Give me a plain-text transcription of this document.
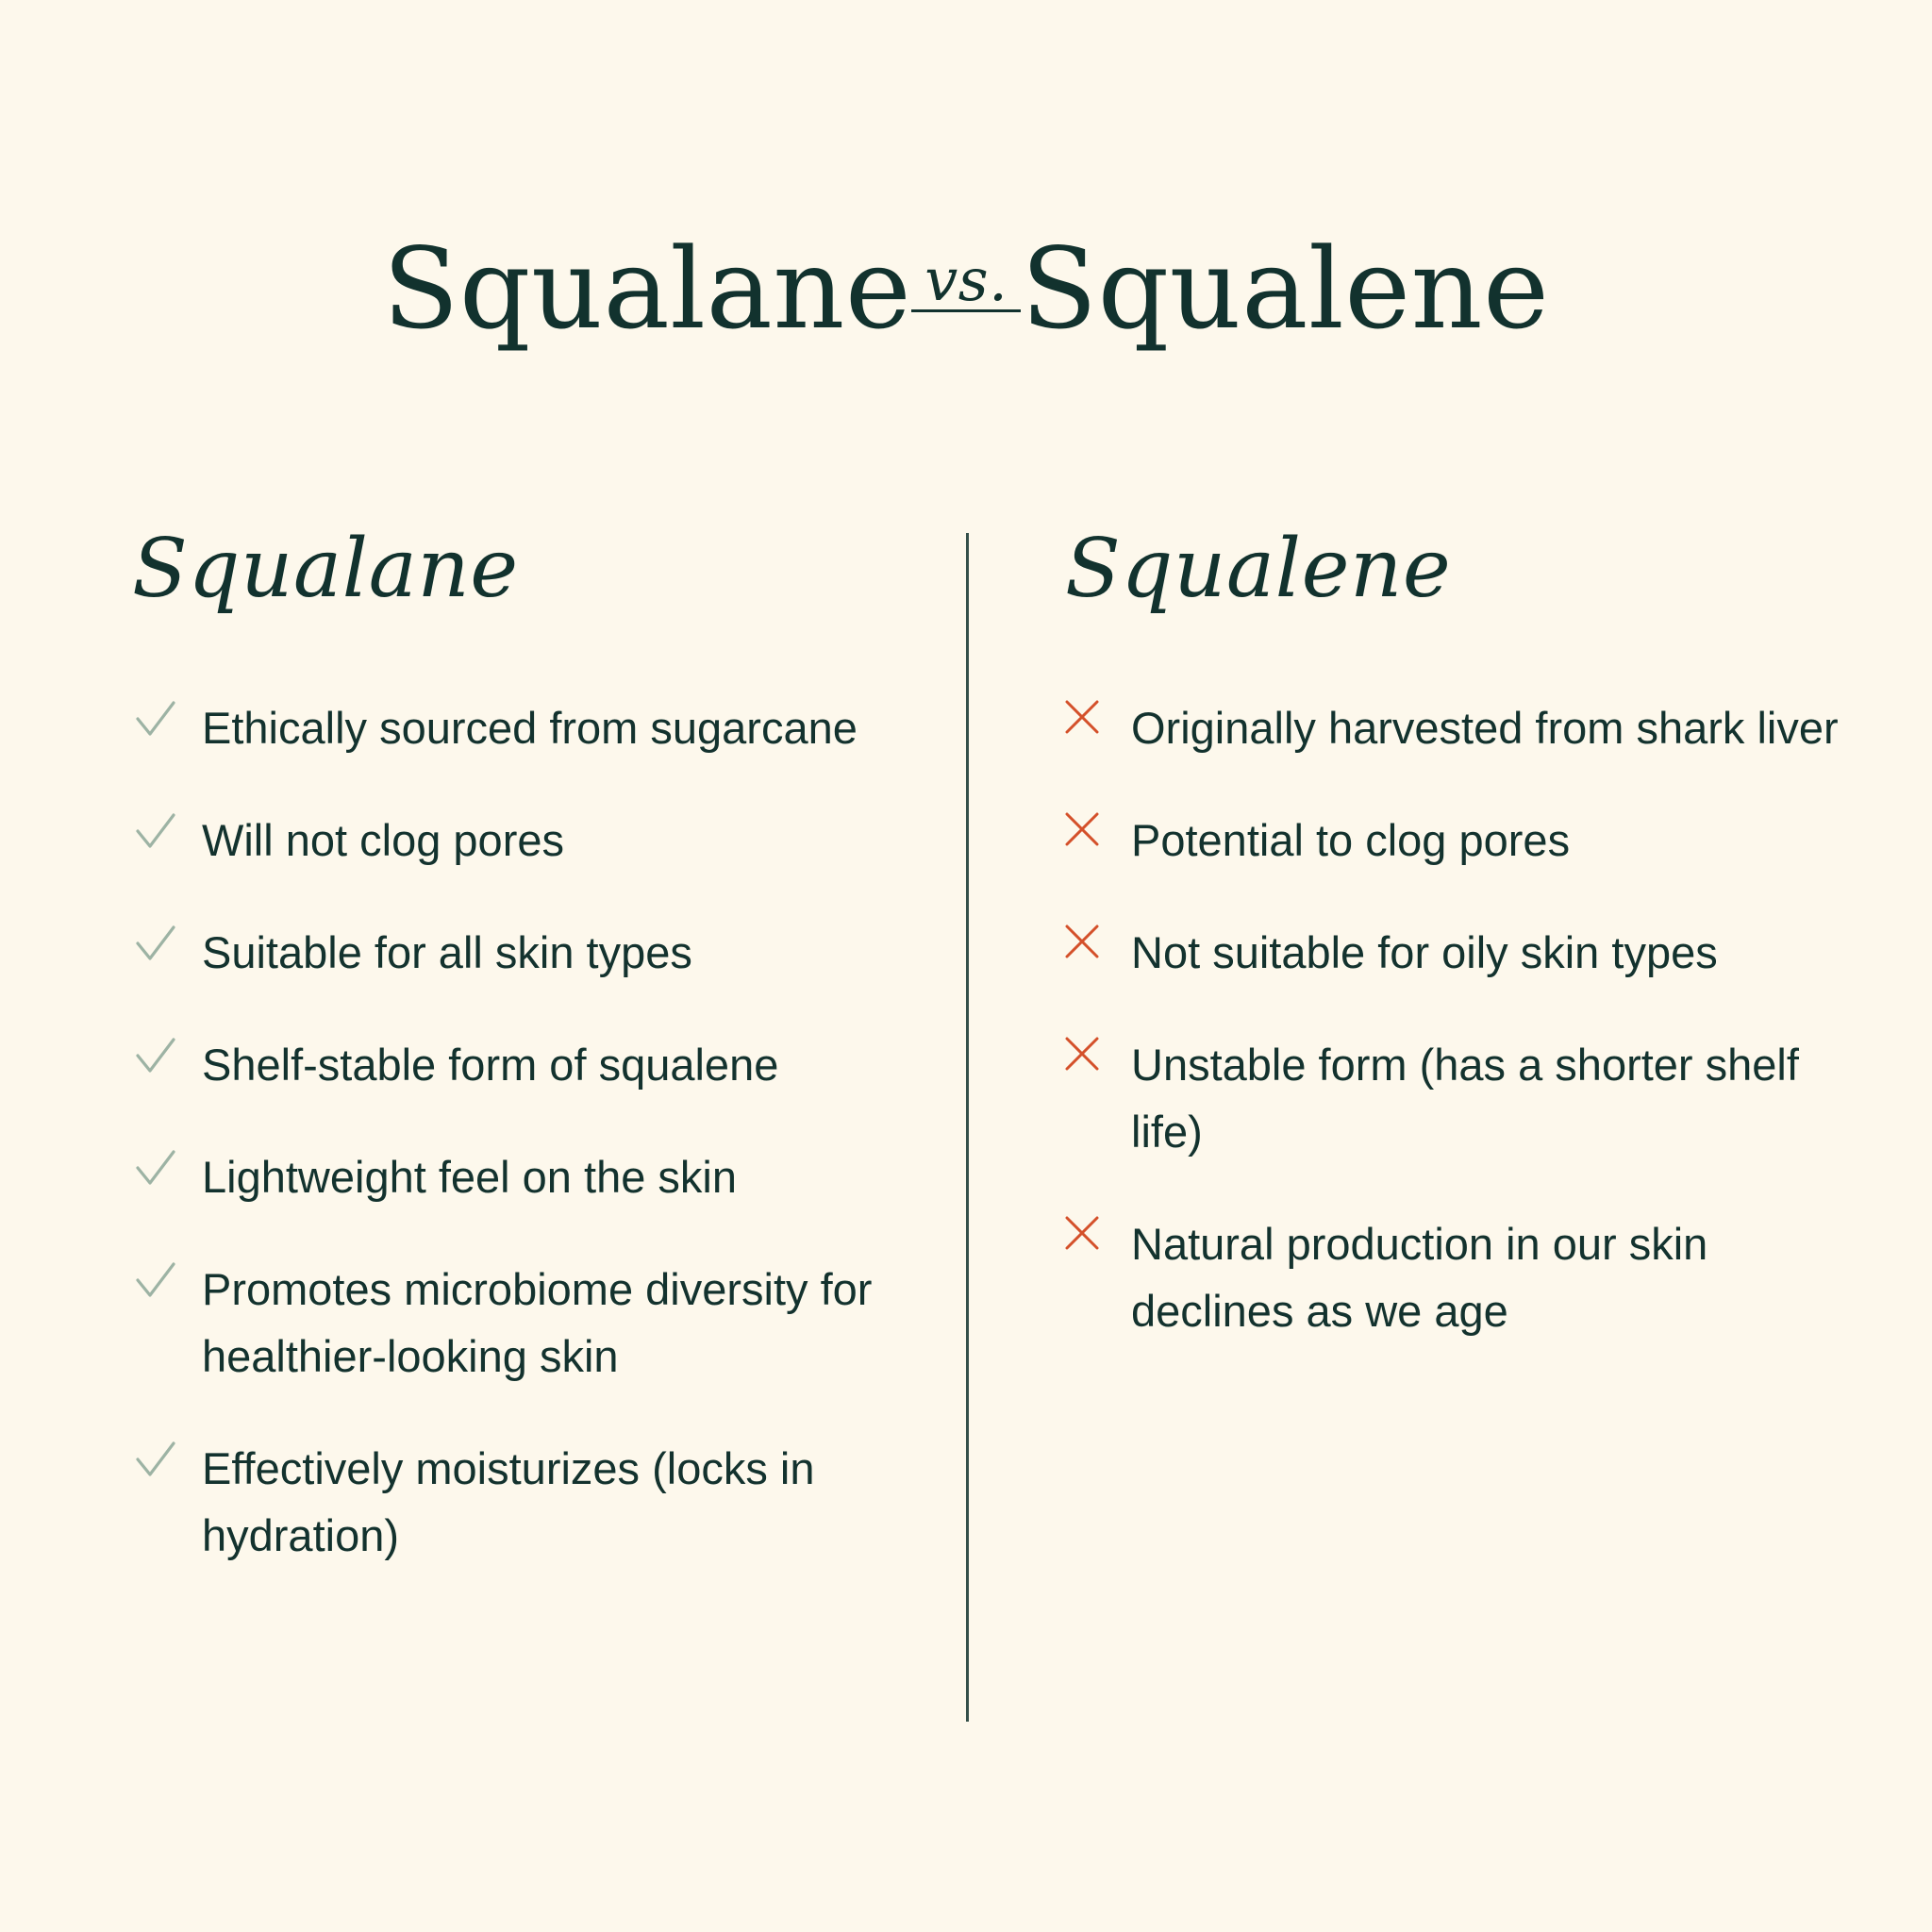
Squalane vs. Squalene
Squalane
Ethically sourced from sugarcane
Will not clog pores
Suitable for all skin types
Shelf-stable form of squalene
Lightweight feel on the skin
Promotes microbiome diversity for healthier-looking skin
Effectively moisturizes (locks in hydration)
Squalene
Originally harvested from shark liver
Potential to clog pores
Not suitable for oily skin types
Unstable form (has a shorter shelf life)
Natural production in our skin declines as we age
